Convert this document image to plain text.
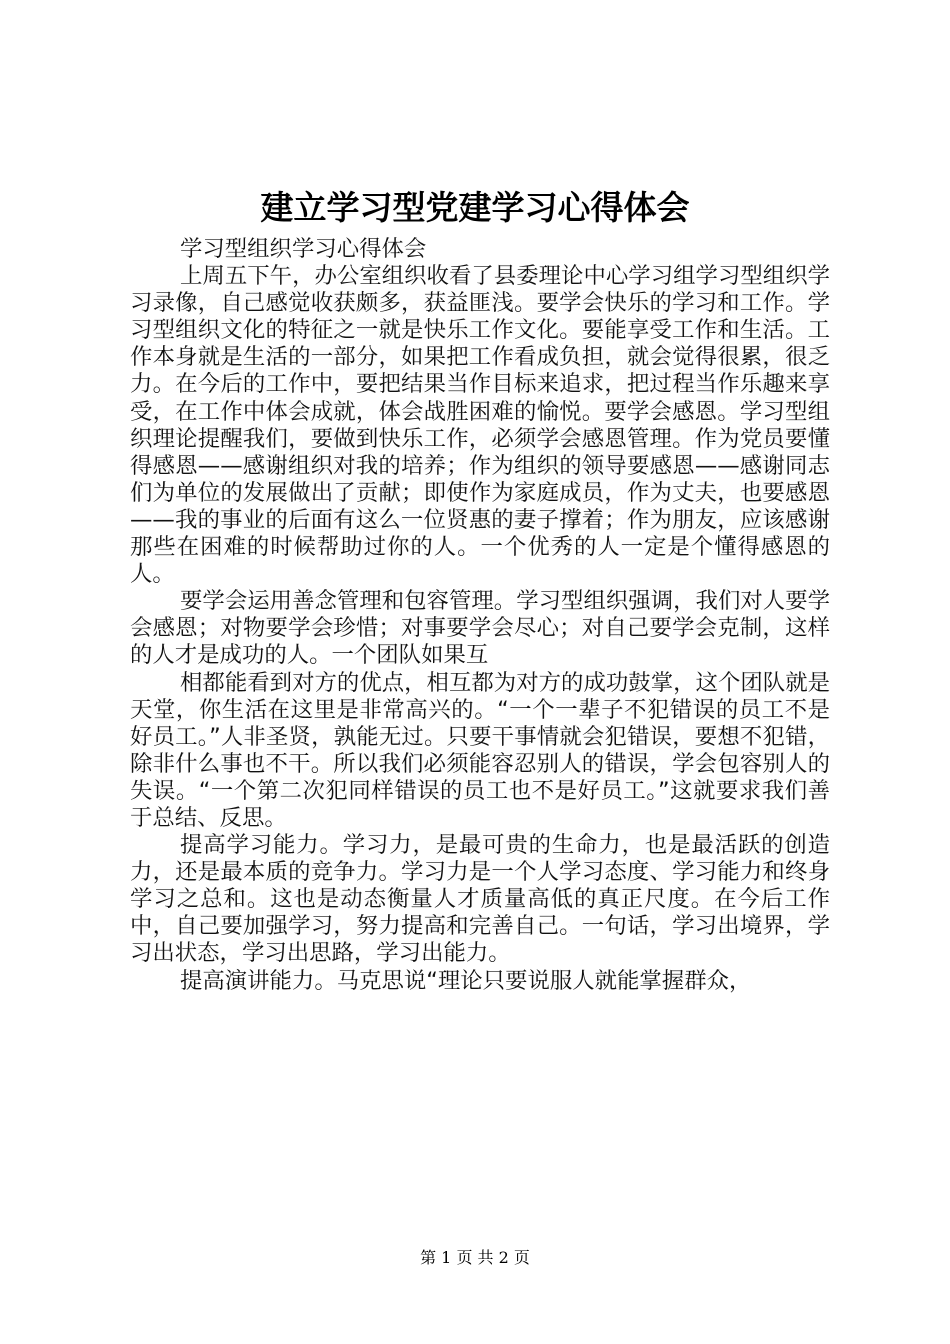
建立学习型党建学习心得体会

学习型组织学习心得体会

上周五下午，办公室组织收看了县委理论中心学习组学习型组织学习录像，自己感觉收获颇多，获益匪浅。要学会快乐的学习和工作。学习型组织文化的特征之一就是快乐工作文化。要能享受工作和生活。工作本身就是生活的一部分，如果把工作看成负担，就会觉得很累，很乏力。在今后的工作中，要把结果当作目标来追求，把过程当作乐趣来享受，在工作中体会成就，体会战胜困难的愉悦。要学会感恩。学习型组织理论提醒我们，要做到快乐工作，必须学会感恩管理。作为党员要懂得感恩——感谢组织对我的培养；作为组织的领导要感恩——感谢同志们为单位的发展做出了贡献；即使作为家庭成员，作为丈夫，也要感恩——我的事业的后面有这么一位贤惠的妻子撑着；作为朋友，应该感谢那些在困难的时候帮助过你的人。一个优秀的人一定是个懂得感恩的人。

要学会运用善念管理和包容管理。学习型组织强调，我们对人要学会感恩；对物要学会珍惜；对事要学会尽心；对自己要学会克制，这样的人才是成功的人。一个团队如果互

相都能看到对方的优点，相互都为对方的成功鼓掌，这个团队就是天堂，你生活在这里是非常高兴的。“一个一辈子不犯错误的员工不是好员工。”人非圣贤，孰能无过。只要干事情就会犯错误，要想不犯错，除非什么事也不干。所以我们必须能容忍别人的错误，学会包容别人的失误。“一个第二次犯同样错误的员工也不是好员工。”这就要求我们善于总结、反思。

提高学习能力。学习力，是最可贵的生命力，也是最活跃的创造力，还是最本质的竞争力。学习力是一个人学习态度、学习能力和终身学习之总和。这也是动态衡量人才质量高低的真正尺度。在今后工作中，自己要加强学习，努力提高和完善自己。一句话，学习出境界，学习出状态，学习出思路，学习出能力。

提高演讲能力。马克思说“理论只要说服人就能掌握群众，

第 1 页 共 2 页
